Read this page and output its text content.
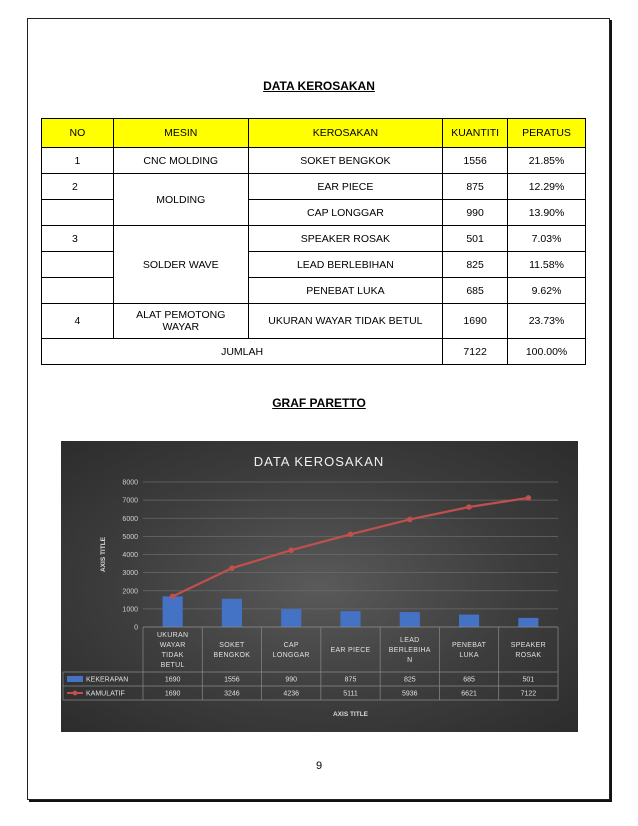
DATA KEROSAKAN
NO	MESIN	KEROSAKAN	KUANTITI	PERATUS
1	CNC MOLDING	SOKET BENGKOK	1556	21.85%
2	MOLDING	EAR PIECE	875	12.29%
		CAP LONGGAR	990	13.90%
3	SOLDER WAVE	SPEAKER ROSAK	501	7.03%
		LEAD BERLEBIHAN	825	11.58%
		PENEBAT LUKA	685	9.62%
4	ALAT PEMOTONG WAYAR	UKURAN WAYAR TIDAK BETUL	1690	23.73%
JUMLAH			7122	100.00%
GRAF PARETTO
DATA KEROSAKAN
0
1000
2000
3000
4000
5000
6000
7000
8000
AXIS TITLE
UKURAN
WAYAR
TIDAK
BETUL
SOKET
BENGKOK
CAP
LONGGAR
EAR PIECE
LEAD
BERLEBIHA
N
PENEBAT
LUKA
SPEAKER
ROSAK
KEKERAPAN	1690	1556	990	875	825	685	501
KAMULATIF	1690	3246	4236	5111	5936	6621	7122
AXIS TITLE
9
